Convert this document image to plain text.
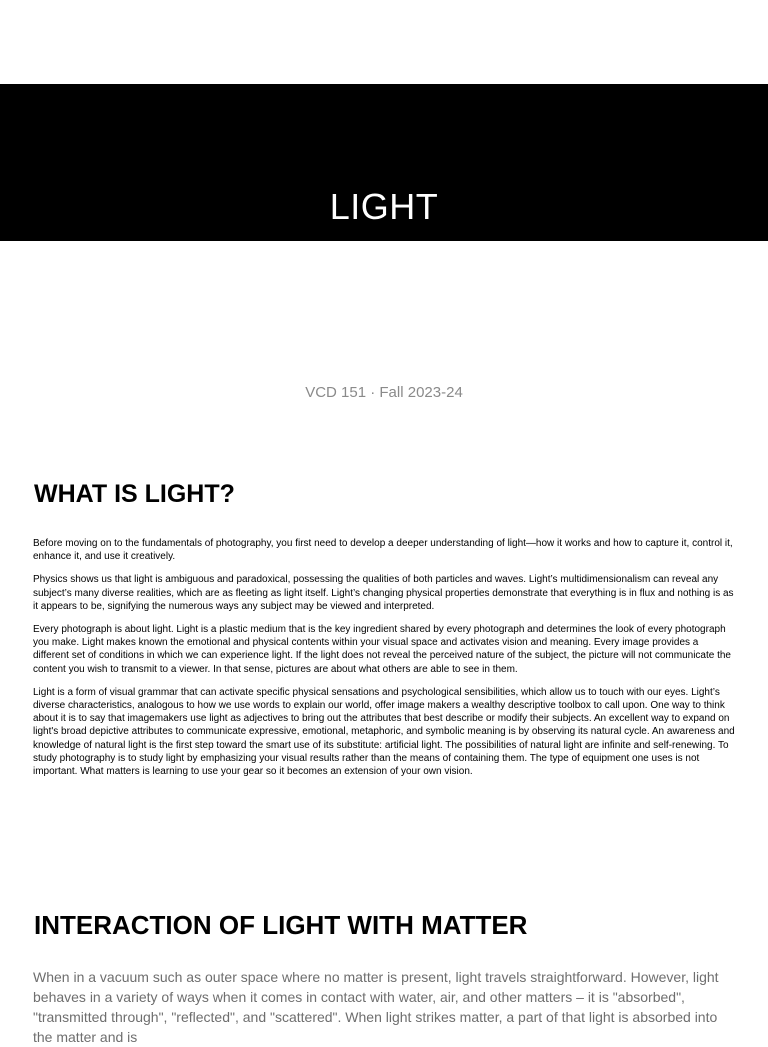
LIGHT
VCD 151 · Fall 2023-24
WHAT IS LIGHT?

Before moving on to the fundamentals of photography, you first need to develop a deeper understanding of light—how it works and how to capture it, control it, enhance it, and use it creatively.

Physics shows us that light is ambiguous and paradoxical, possessing the qualities of both particles and waves. Light’s multidimensionalism can reveal any subject’s many diverse realities, which are as fleeting as light itself. Light’s changing physical properties demonstrate that everything is in flux and nothing is as it appears to be, signifying the numerous ways any subject may be viewed and interpreted.

Every photograph is about light. Light is a plastic medium that is the key ingredient shared by every photograph and determines the look of every photograph you make. Light makes known the emotional and physical contents within your visual space and activates vision and meaning. Every image provides a different set of conditions in which we can experience light. If the light does not reveal the perceived nature of the subject, the picture will not communicate the content you wish to transmit to a viewer. In that sense, pictures are about what others are able to see in them.

Light is a form of visual grammar that can activate specific physical sensations and psychological sensibilities, which allow us to touch with our eyes. Light’s diverse characteristics, analogous to how we use words to explain our world, offer image makers a wealthy descriptive toolbox to call upon. One way to think about it is to say that imagemakers use light as adjectives to bring out the attributes that best describe or modify their subjects. An excellent way to expand on light's broad depictive attributes to communicate expressive, emotional, metaphoric, and symbolic meaning is by observing its natural cycle. An awareness and knowledge of natural light is the first step toward the smart use of its substitute: artificial light. The possibilities of natural light are infinite and self-renewing. To study photography is to study light by emphasizing your visual results rather than the means of containing them. The type of equipment one uses is not important. What matters is learning to use your gear so it becomes an extension of your own vision.

INTERACTION OF LIGHT WITH MATTER

When in a vacuum such as outer space where no matter is present, light travels straightforward. However, light behaves in a variety of ways when it comes in contact with water, air, and other matters – it is "absorbed", "transmitted through", "reflected", and "scattered". When light strikes matter, a part of that light is absorbed into the matter and is
